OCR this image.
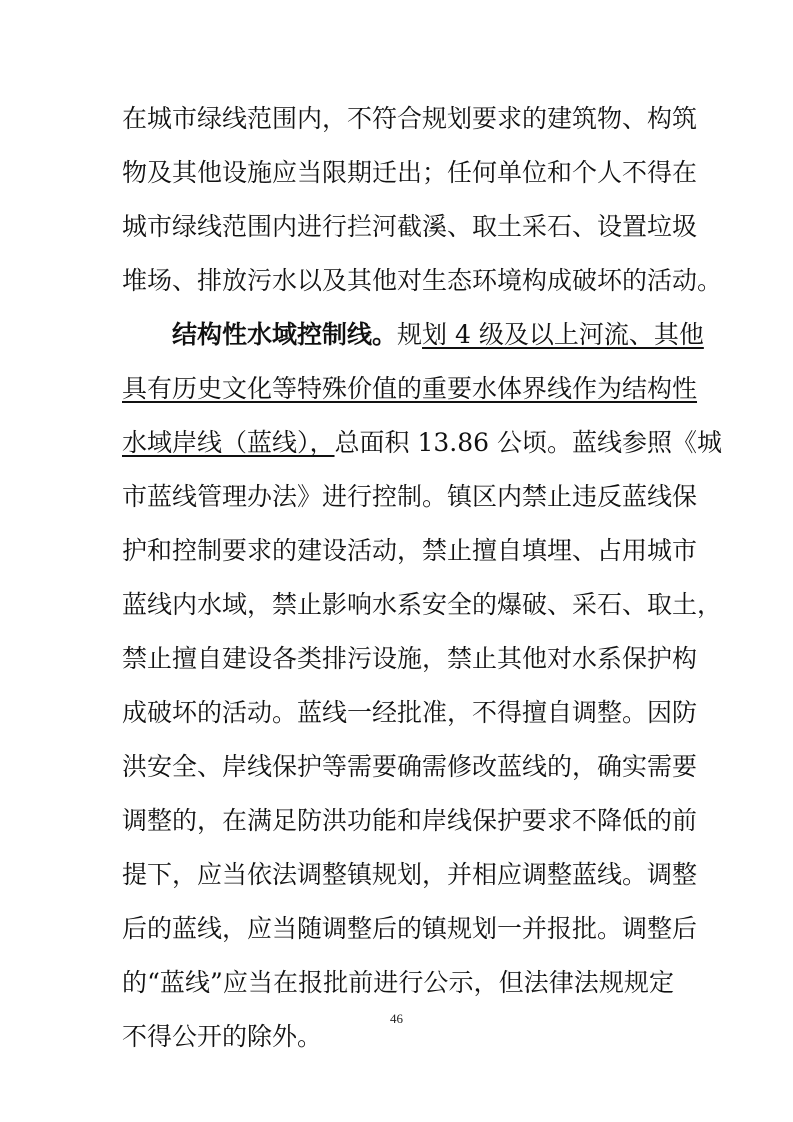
在城市绿线范围内，不符合规划要求的建筑物、构筑
物及其他设施应当限期迁出；任何单位和个人不得在
城市绿线范围内进行拦河截溪、取土采石、设置垃圾
堆场、排放污水以及其他对生态环境构成破坏的活动。
结构性水域控制线。规划 4 级及以上河流、其他
具有历史文化等特殊价值的重要水体界线作为结构性
水域岸线（蓝线），总面积 13.86 公顷。蓝线参照《城
市蓝线管理办法》进行控制。镇区内禁止违反蓝线保
护和控制要求的建设活动，禁止擅自填埋、占用城市
蓝线内水域，禁止影响水系安全的爆破、采石、取土，
禁止擅自建设各类排污设施，禁止其他对水系保护构
成破坏的活动。蓝线一经批准，不得擅自调整。因防
洪安全、岸线保护等需要确需修改蓝线的，确实需要
调整的，在满足防洪功能和岸线保护要求不降低的前
提下，应当依法调整镇规划，并相应调整蓝线。调整
后的蓝线，应当随调整后的镇规划一并报批。调整后
的“蓝线”应当在报批前进行公示，但法律法规规定
不得公开的除外。
46
